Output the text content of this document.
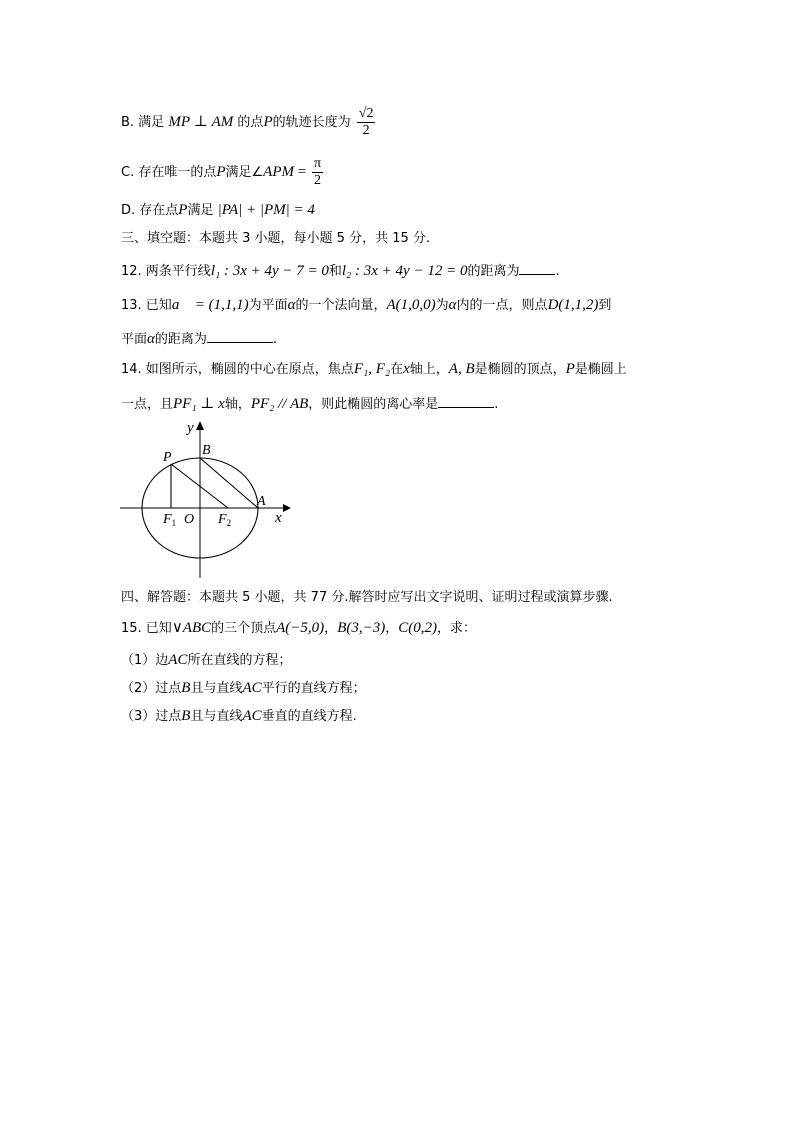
B. 满足 MP ⊥ AM 的点P的轨迹长度为 $\frac{√2}{2}$
C. 存在唯一的点P满足∠APM = $\frac{\pi}{2}$
D. 存在点P满足 |PA| + |PM| = 4
三、填空题：本题共 3 小题，每小题 5 分，共 15 分.
12. 两条平行线l₁ : 3x + 4y − 7 = 0和l₂ : 3x + 4y − 12 = 0的距离为	.
13. 已知a⃗ = (1,1,1)为平面α的一个法向量，A(1,0,0)为α内的一点，则点D(1,1,2)到
平面α的距离为	.
14. 如图所示，椭圆的中心在原点，焦点F₁, F₂在x轴上，A, B是椭圆的顶点，P是椭圆上
一点，且PF₁ ⊥ x轴，PF₂ // AB，则此椭圆的离心率是	.
y
B
P
A
x
$F_1$ O $F_2$
四、解答题：本题共 5 小题，共 77 分.解答时应写出文字说明、证明过程或演算步骤.
15. 已知∨ABC的三个顶点A(−5,0)，B(3,−3)，C(0,2)，求：
（1）边AC所在直线的方程；
（2）过点B且与直线AC平行的直线方程；
（3）过点B且与直线AC垂直的直线方程.
